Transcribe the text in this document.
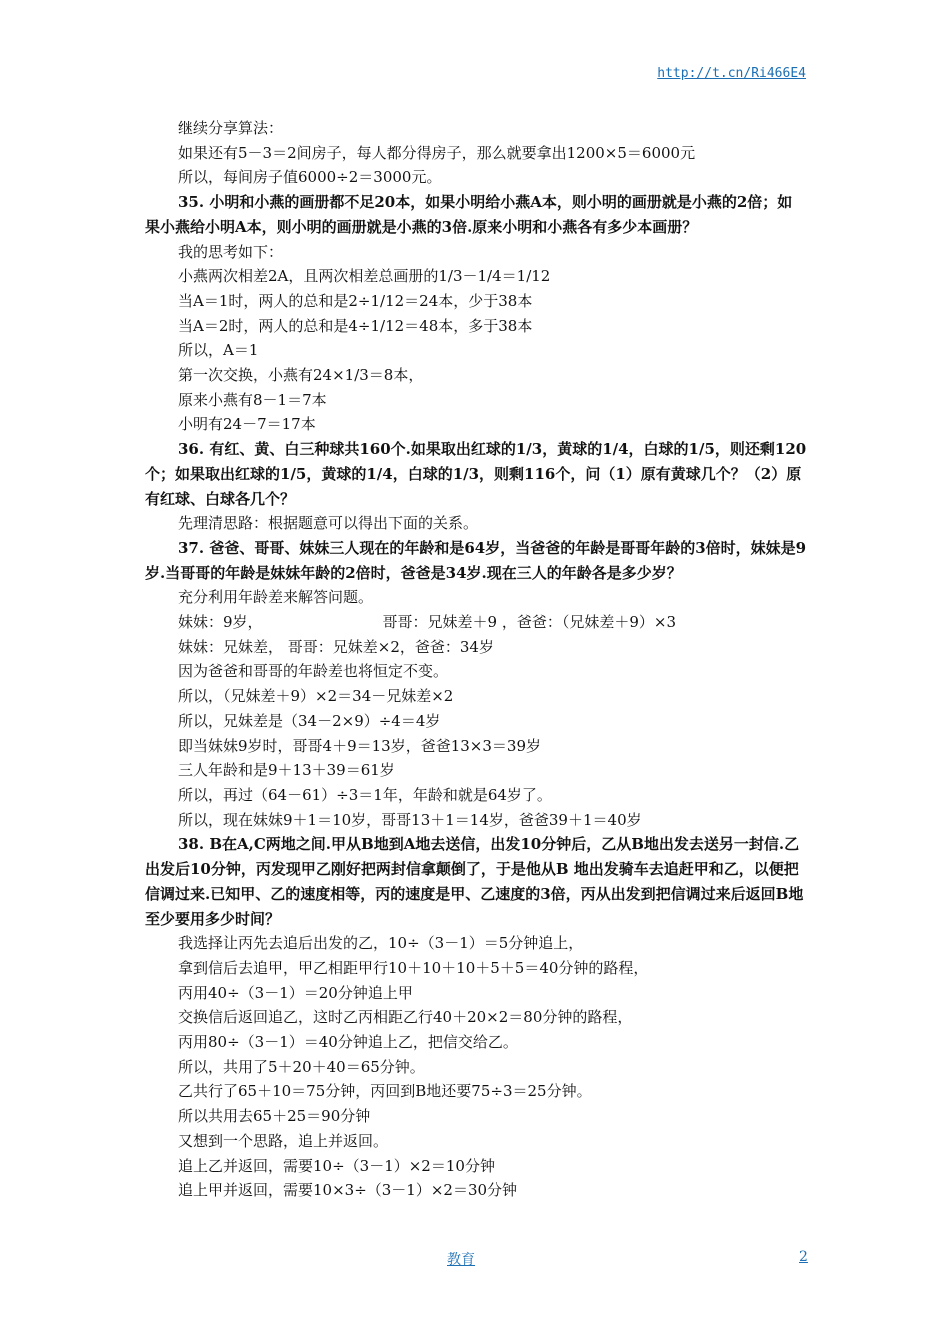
http://t.cn/Ri466E4

继续分享算法：

如果还有5－3＝2间房子，每人都分得房子，那么就要拿出1200×5＝6000元

所以，每间房子值6000÷2＝3000元。

35. 小明和小燕的画册都不足20本，如果小明给小燕A本，则小明的画册就是小燕的2倍；如果小燕给小明A本，则小明的画册就是小燕的3倍.原来小明和小燕各有多少本画册？

我的思考如下：

小燕两次相差2A，且两次相差总画册的1/3－1/4＝1/12

当A＝1时，两人的总和是2÷1/12＝24本，少于38本

当A＝2时，两人的总和是4÷1/12＝48本，多于38本

所以，A＝1

第一次交换，小燕有24×1/3＝8本，

原来小燕有8－1＝7本

小明有24－7＝17本

36. 有红、黄、白三种球共160个.如果取出红球的1/3，黄球的1/4，白球的1/5，则还剩120个；如果取出红球的1/5，黄球的1/4，白球的1/3，则剩116个，问（1）原有黄球几个？（2）原有红球、白球各几个？

先理清思路：根据题意可以得出下面的关系。

37. 爸爸、哥哥、妹妹三人现在的年龄和是64岁，当爸爸的年龄是哥哥年龄的3倍时，妹妹是9岁.当哥哥的年龄是妹妹年龄的2倍时，爸爸是34岁.现在三人的年龄各是多少岁？

充分利用年龄差来解答问题。

妹妹：9岁，	哥哥：兄妹差＋9 ，爸爸：（兄妹差＋9）×3

妹妹：兄妹差， 哥哥：兄妹差×2，爸爸：34岁

因为爸爸和哥哥的年龄差也将恒定不变。

所以，（兄妹差＋9）×2＝34－兄妹差×2

所以，兄妹差是（34－2×9）÷4＝4岁

即当妹妹9岁时，哥哥4＋9＝13岁，爸爸13×3＝39岁

三人年龄和是9＋13＋39＝61岁

所以，再过（64－61）÷3＝1年，年龄和就是64岁了。

所以，现在妹妹9＋1＝10岁，哥哥13＋1＝14岁，爸爸39＋1＝40岁

38. B在A,C两地之间.甲从B地到A地去送信，出发10分钟后，乙从B地出发去送另一封信.乙出发后10分钟，丙发现甲乙刚好把两封信拿颠倒了，于是他从B 地出发骑车去追赶甲和乙，以便把信调过来.已知甲、乙的速度相等，丙的速度是甲、乙速度的3倍，丙从出发到把信调过来后返回B地至少要用多少时间？

我选择让丙先去追后出发的乙，10÷（3－1）＝5分钟追上，

拿到信后去追甲，甲乙相距甲行10＋10＋10＋5＋5＝40分钟的路程，

丙用40÷（3－1）＝20分钟追上甲

交换信后返回追乙，这时乙丙相距乙行40＋20×2＝80分钟的路程，

丙用80÷（3－1）＝40分钟追上乙，把信交给乙。

所以，共用了5＋20＋40＝65分钟。

乙共行了65＋10＝75分钟，丙回到B地还要75÷3＝25分钟。

所以共用去65＋25＝90分钟

又想到一个思路，追上并返回。

追上乙并返回，需要10÷（3－1）×2＝10分钟

追上甲并返回，需要10×3÷（3－1）×2＝30分钟

教育	2
